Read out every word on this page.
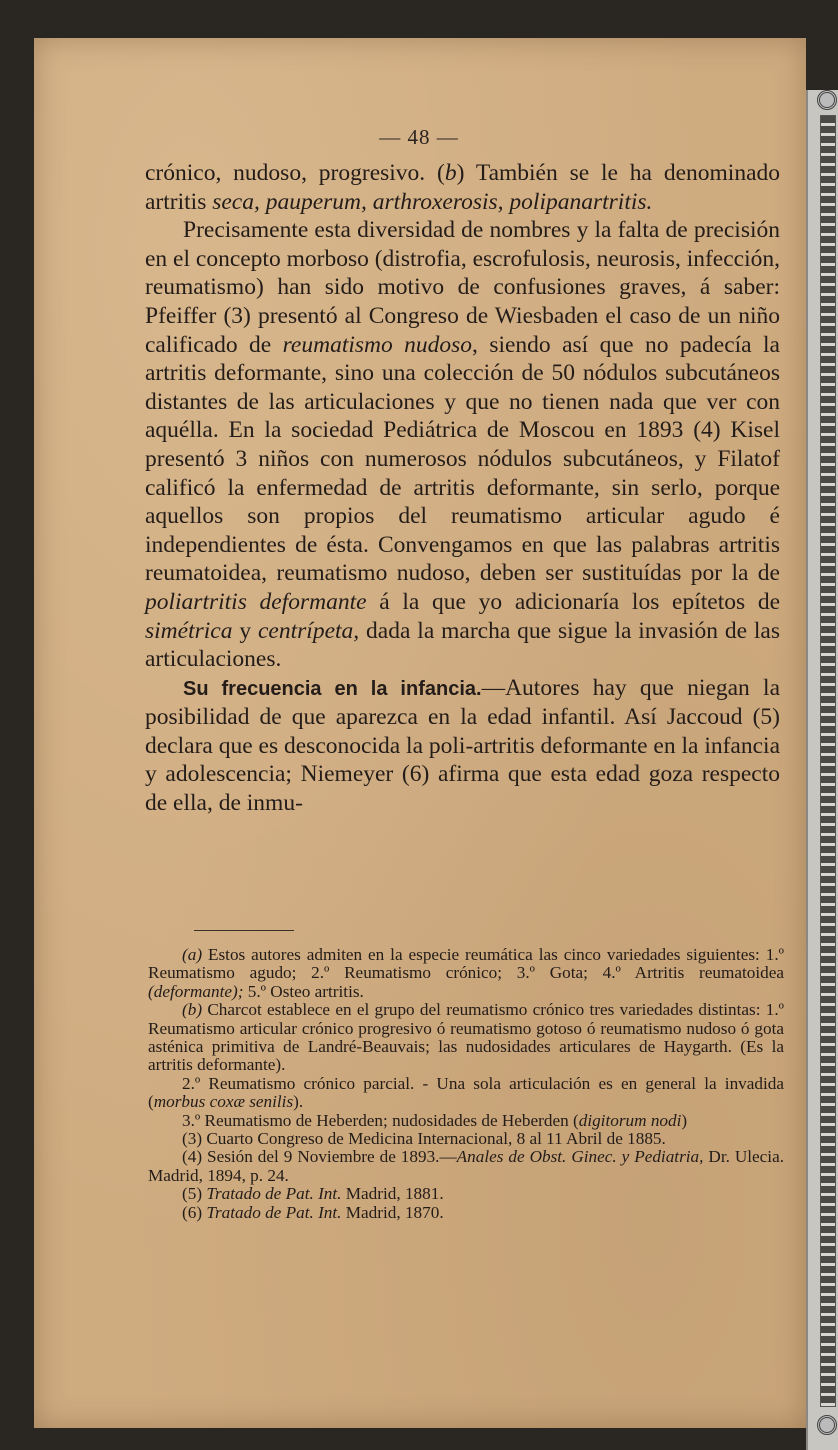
— 48 —

crónico, nudoso, progresivo. (b) También se le ha denominado artritis seca, pauperum, arthroxerosis, polipanartritis.

Precisamente esta diversidad de nombres y la falta de precisión en el concepto morboso (distrofia, escrofulosis, neurosis, infección, reumatismo) han sido motivo de confusiones graves, á saber: Pfeiffer (3) presentó al Congreso de Wiesbaden el caso de un niño calificado de reumatismo nudoso, siendo así que no padecía la artritis deformante, sino una colección de 50 nódulos subcutáneos distantes de las articulaciones y que no tienen nada que ver con aquélla. En la sociedad Pediátrica de Moscou en 1893 (4) Kisel presentó 3 niños con numerosos nódulos subcutáneos, y Filatof calificó la enfermedad de artritis deformante, sin serlo, porque aquellos son propios del reumatismo articular agudo é independientes de ésta. Convengamos en que las palabras artritis reumatoidea, reumatismo nudoso, deben ser sustituídas por la de poliartritis deformante á la que yo adicionaría los epítetos de simétrica y centrípeta, dada la marcha que sigue la invasión de las articulaciones.

Su frecuencia en la infancia.—Autores hay que niegan la posibilidad de que aparezca en la edad infantil. Así Jaccoud (5) declara que es desconocida la poli-artritis deformante en la infancia y adolescencia; Niemeyer (6) afirma que esta edad goza respecto de ella, de inmu-

(a) Estos autores admiten en la especie reumática las cinco variedades siguientes: 1.º Reumatismo agudo; 2.º Reumatismo crónico; 3.º Gota; 4.º Artritis reumatoidea (deformante); 5.º Osteo artritis.

(b) Charcot establece en el grupo del reumatismo crónico tres variedades distintas: 1.º Reumatismo articular crónico progresivo ó reumatismo gotoso ó reumatismo nudoso ó gota asténica primitiva de Landré-Beauvais; las nudosidades articulares de Haygarth. (Es la artritis deformante).

2.º Reumatismo crónico parcial. - Una sola articulación es en general la invadida (morbus coxæ senilis).

3.º Reumatismo de Heberden; nudosidades de Heberden (digitorum nodi)

(3) Cuarto Congreso de Medicina Internacional, 8 al 11 Abril de 1885.

(4) Sesión del 9 Noviembre de 1893.—Anales de Obst. Ginec. y Pediatria, Dr. Ulecia. Madrid, 1894, p. 24.

(5) Tratado de Pat. Int. Madrid, 1881.

(6) Tratado de Pat. Int. Madrid, 1870.
